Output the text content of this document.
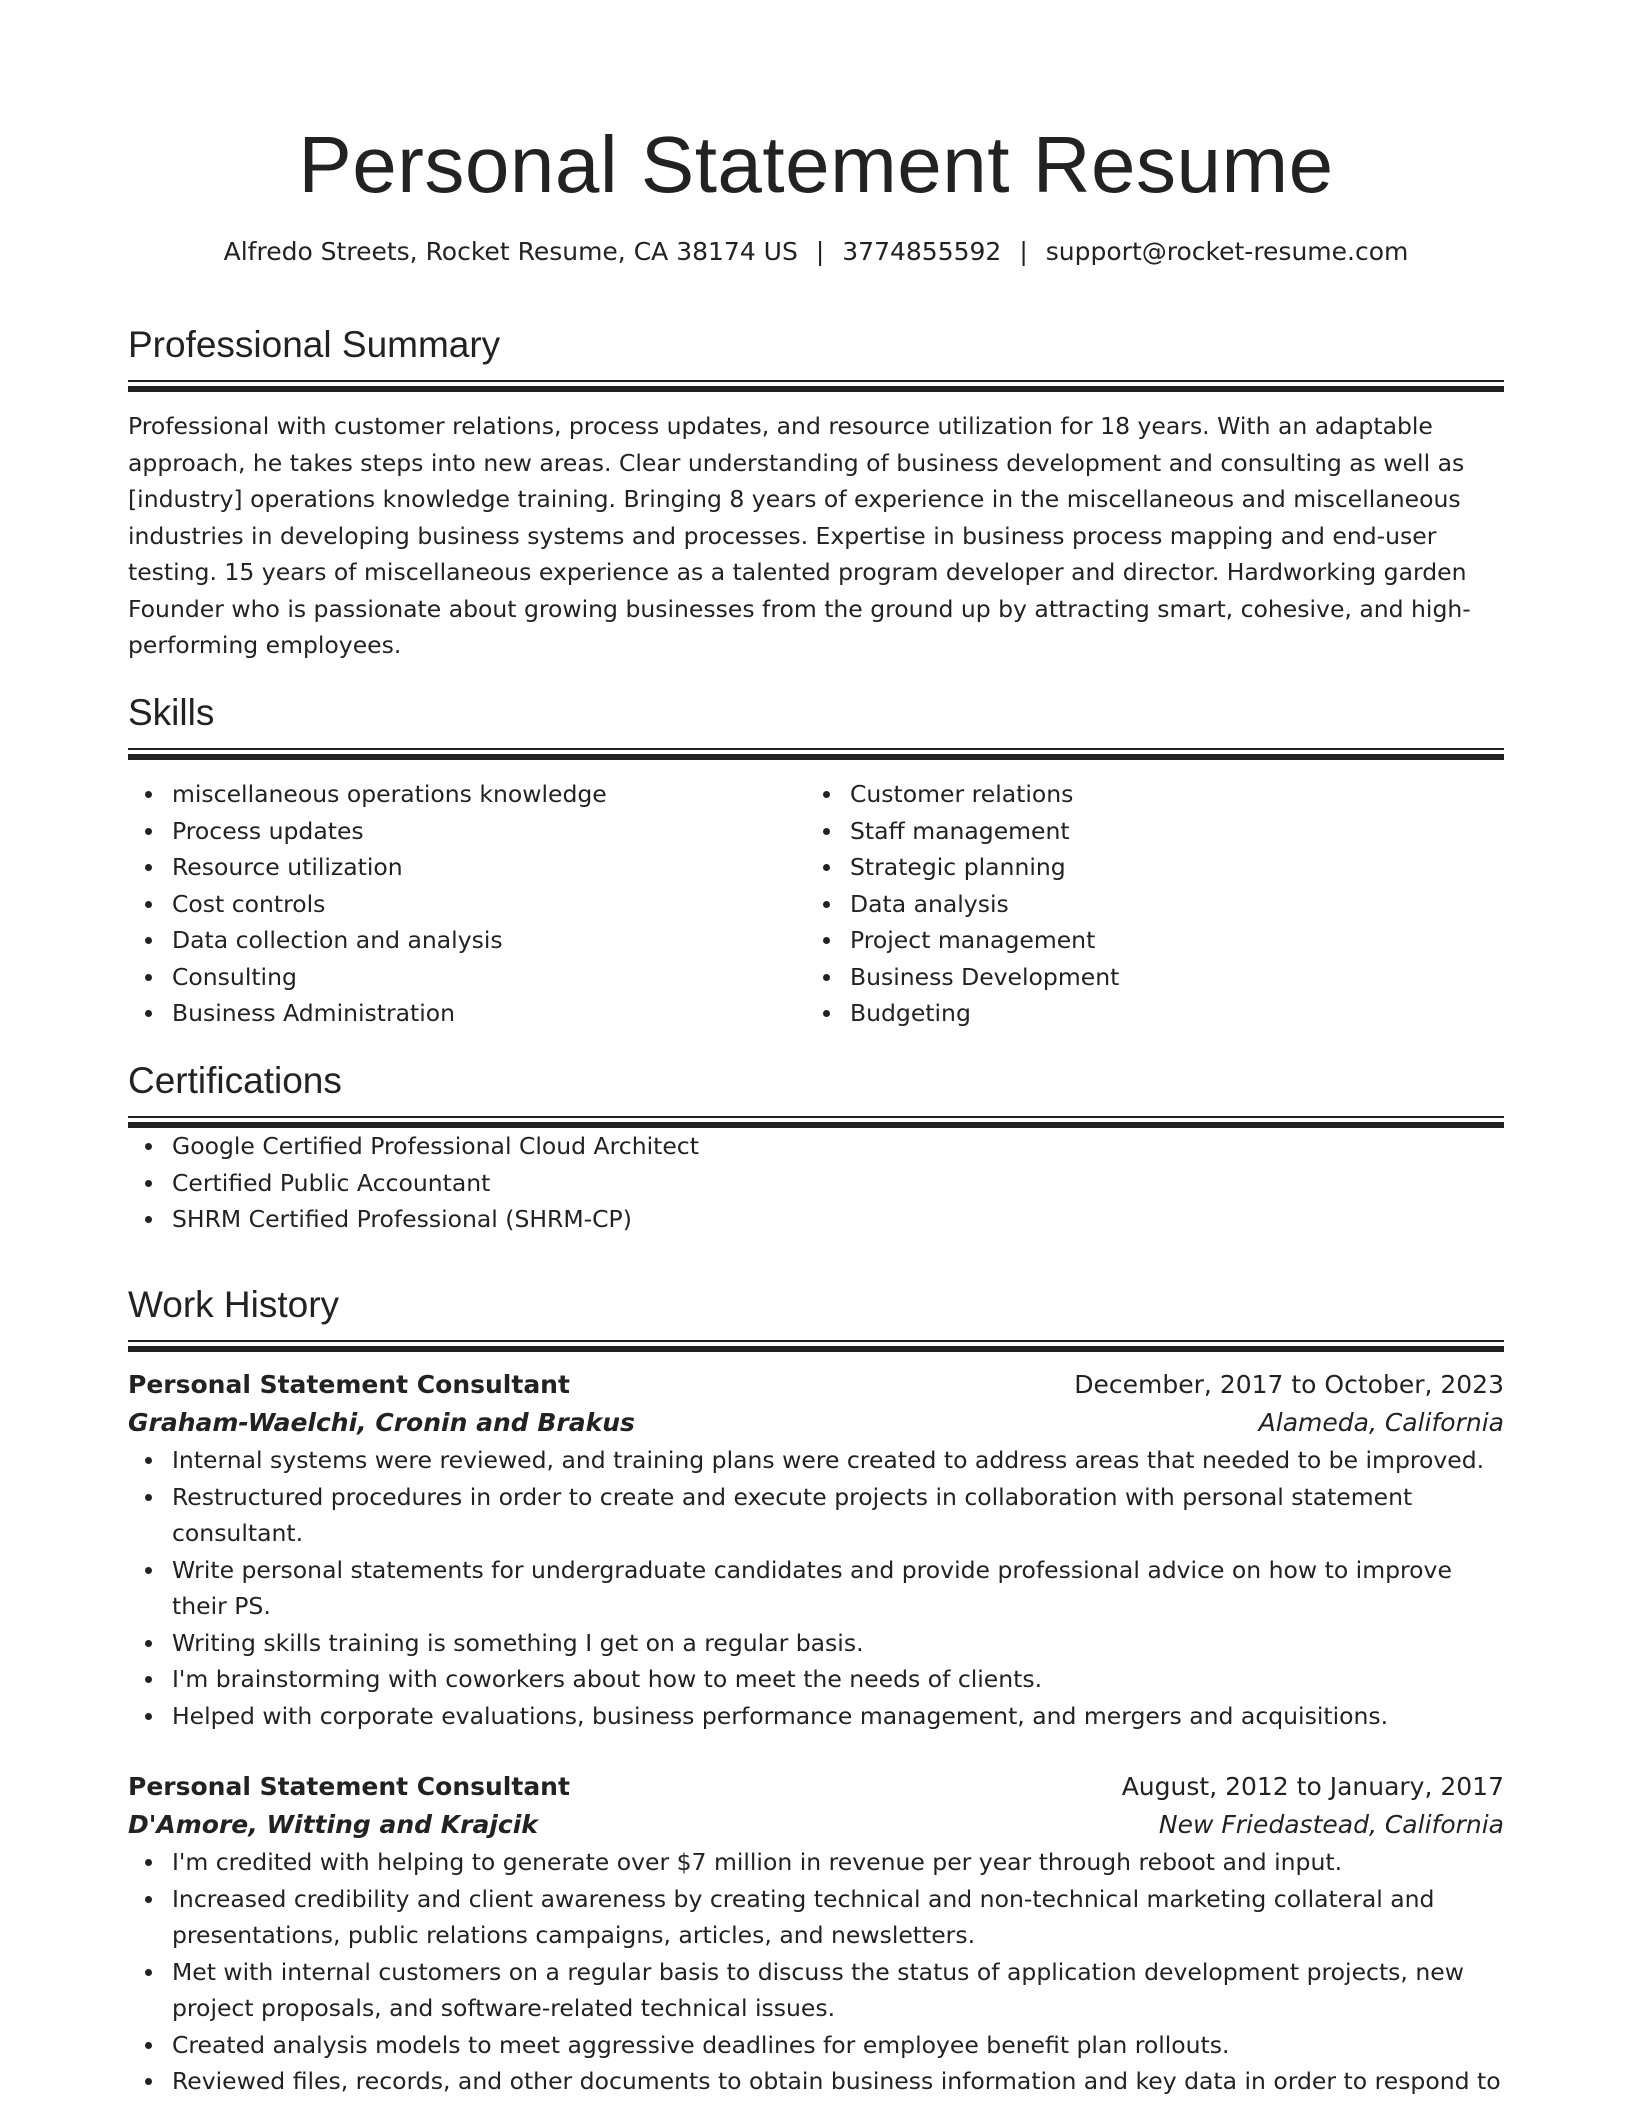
Personal Statement Resume
Alfredo Streets, Rocket Resume, CA 38174 US | 3774855592 | support@rocket-resume.com
Professional Summary

Professional with customer relations, process updates, and resource utilization for 18 years. With an adaptable approach, he takes steps into new areas. Clear understanding of business development and consulting as well as [industry] operations knowledge training. Bringing 8 years of experience in the miscellaneous and miscellaneous industries in developing business systems and processes. Expertise in business process mapping and end-user testing. 15 years of miscellaneous experience as a talented program developer and director. Hardworking garden Founder who is passionate about growing businesses from the ground up by attracting smart, cohesive, and high-performing employees.

Skills
miscellaneous operations knowledge
Process updates
Resource utilization
Cost controls
Data collection and analysis
Consulting
Business Administration
Customer relations
Staff management
Strategic planning
Data analysis
Project management
Business Development
Budgeting
Certifications
Google Certified Professional Cloud Architect
Certified Public Accountant
SHRM Certified Professional (SHRM-CP)
Work History
Personal Statement Consultant	December, 2017 to October, 2023
Graham-Waelchi, Cronin and Brakus	Alameda, California
Internal systems were reviewed, and training plans were created to address areas that needed to be improved.
Restructured procedures in order to create and execute projects in collaboration with personal statement consultant.
Write personal statements for undergraduate candidates and provide professional advice on how to improve their PS.
Writing skills training is something I get on a regular basis.
I'm brainstorming with coworkers about how to meet the needs of clients.
Helped with corporate evaluations, business performance management, and mergers and acquisitions.
Personal Statement Consultant	August, 2012 to January, 2017
D'Amore, Witting and Krajcik	New Friedastead, California
I'm credited with helping to generate over $7 million in revenue per year through reboot and input.
Increased credibility and client awareness by creating technical and non-technical marketing collateral and presentations, public relations campaigns, articles, and newsletters.
Met with internal customers on a regular basis to discuss the status of application development projects, new project proposals, and software-related technical issues.
Created analysis models to meet aggressive deadlines for employee benefit plan rollouts.
Reviewed files, records, and other documents to obtain business information and key data in order to respond to
